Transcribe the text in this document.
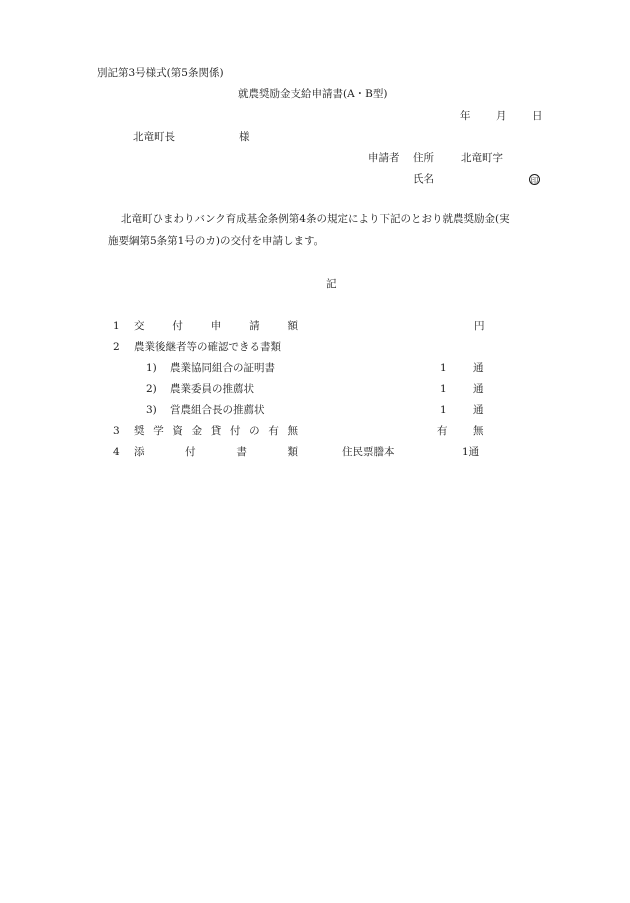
別記第3号様式(第5条関係)
就農奨励金支給申請書(A・B型)
年 月 日
北竜町長	様
申請者 住所	北竜町字
氏名	印
北竜町ひまわりバンク育成基金条例第4条の規定により下記のとおり就農奨励金(実
施要綱第5条第1号のカ)の交付を申請します。
記
1 交	付	申	請	額	円
2 農業後継者等の確認できる書類
1) 農業協同組合の証明書	1	通
2) 農業委員の推薦状	1	通
3) 営農組合長の推薦状	1	通
3 奨 学 資 金 貸 付 の 有 無	有 無
4 添	付	書	類	住民票謄本	1通
